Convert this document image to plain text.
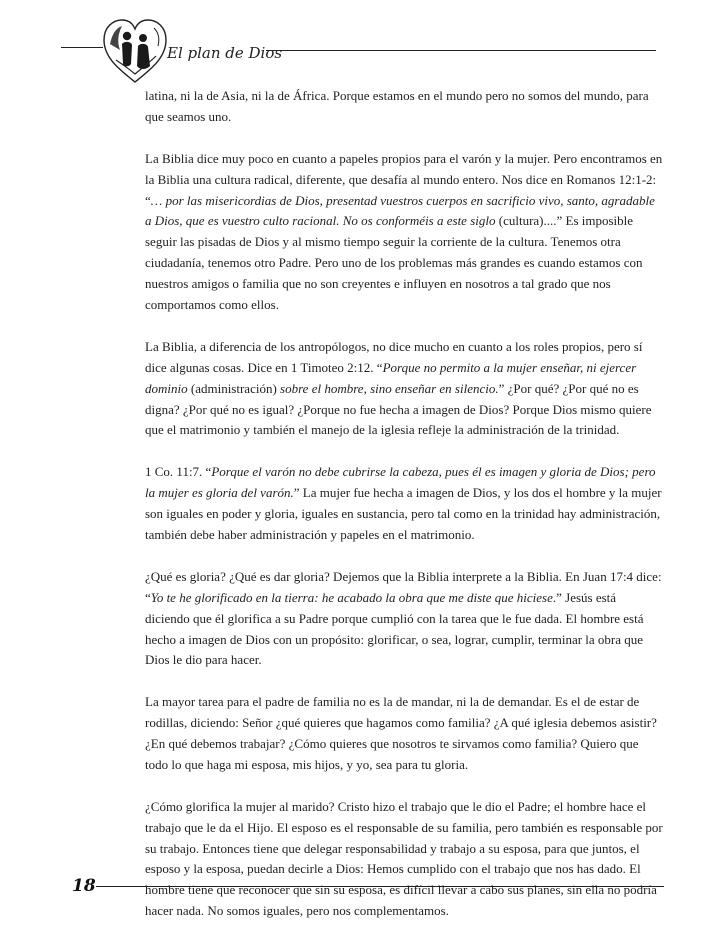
El plan de Dios

latina, ni la de Asia, ni la de África. Porque estamos en el mundo pero no somos del mundo, para que seamos uno.

La Biblia dice muy poco en cuanto a papeles propios para el varón y la mujer. Pero encontramos en la Biblia una cultura radical, diferente, que desafía al mundo entero. Nos dice en Romanos 12:1-2: “… por las misericordias de Dios, presentad vuestros cuerpos en sacrificio vivo, santo, agradable a Dios, que es vuestro culto racional. No os conforméis a este siglo (cultura)....” Es imposible seguir las pisadas de Dios y al mismo tiempo seguir la corriente de la cultura. Tenemos otra ciudadanía, tenemos otro Padre. Pero uno de los problemas más grandes es cuando estamos con nuestros amigos o familia que no son creyentes e influyen en nosotros a tal grado que nos comportamos como ellos.

La Biblia, a diferencia de los antropólogos, no dice mucho en cuanto a los roles propios, pero sí dice algunas cosas. Dice en 1 Timoteo 2:12. “Porque no permito a la mujer enseñar, ni ejercer dominio (administración) sobre el hombre, sino enseñar en silencio.” ¿Por qué? ¿Por qué no es digna? ¿Por qué no es igual? ¿Porque no fue hecha a imagen de Dios? Porque Dios mismo quiere que el matrimonio y también el manejo de la iglesia refleje la administración de la trinidad.

1 Co. 11:7. “Porque el varón no debe cubrirse la cabeza, pues él es imagen y gloria de Dios; pero la mujer es gloria del varón.” La mujer fue hecha a imagen de Dios, y los dos el hombre y la mujer son iguales en poder y gloria, iguales en sustancia, pero tal como en la trinidad hay administración, también debe haber administración y papeles en el matrimonio.

¿Qué es gloria? ¿Qué es dar gloria? Dejemos que la Biblia interprete a la Biblia. En Juan 17:4 dice: “Yo te he glorificado en la tierra: he acabado la obra que me diste que hiciese.” Jesús está diciendo que él glorifica a su Padre porque cumplió con la tarea que le fue dada. El hombre está hecho a imagen de Dios con un propósito: glorificar, o sea, lograr, cumplir, terminar la obra que Dios le dio para hacer.

La mayor tarea para el padre de familia no es la de mandar, ni la de demandar. Es el de estar de rodillas, diciendo: Señor ¿qué quieres que hagamos como familia? ¿A qué iglesia debemos asistir? ¿En qué debemos trabajar? ¿Cómo quieres que nosotros te sirvamos como familia? Quiero que todo lo que haga mi esposa, mis hijos, y yo, sea para tu gloria.

¿Cómo glorifica la mujer al marido? Cristo hizo el trabajo que le dio el Padre; el hombre hace el trabajo que le da el Hijo. El esposo es el responsable de su familia, pero también es responsable por su trabajo. Entonces tiene que delegar responsabilidad y trabajo a su esposa, para que juntos, el esposo y la esposa, puedan decirle a Dios: Hemos cumplido con el trabajo que nos has dado. El hombre tiene que reconocer que sin su esposa, es difícil llevar a cabo sus planes, sin ella no podría hacer nada. No somos iguales, pero nos complementamos.

18
